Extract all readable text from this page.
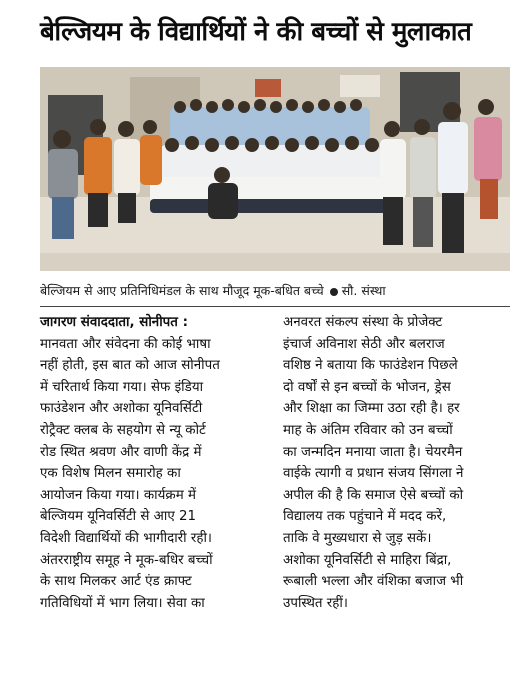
बेल्जियम के विद्यार्थियों ने की बच्चों से मुलाकात
बेल्जियम से आए प्रतिनिधिमंडल के साथ मौजूद मूक-बधित बच्चे सौ. संस्था
जागरण संवाददाता, सोनीपत :
मानवता और संवेदना की कोई भाषा
नहीं होती, इस बात को आज सोनीपत
में चरितार्थ किया गया। सेफ इंडिया
फाउंडेशन और अशोका यूनिवर्सिटी
रोट्रैक्ट क्लब के सहयोग से न्यू कोर्ट
रोड स्थित श्रवण और वाणी केंद्र में
एक विशेष मिलन समारोह का
आयोजन किया गया। कार्यक्रम में
बेल्जियम यूनिवर्सिटी से आए 21
विदेशी विद्यार्थियों की भागीदारी रही।
अंतरराष्ट्रीय समूह ने मूक-बधिर बच्चों
के साथ मिलकर आर्ट एंड क्राफ्ट
गतिविधियों में भाग लिया। सेवा का
अनवरत संकल्प संस्था के प्रोजेक्ट
इंचार्ज अविनाश सेठी और बलराज
वशिष्ठ ने बताया कि फाउंडेशन पिछले
दो वर्षों से इन बच्चों के भोजन, ड्रेस
और शिक्षा का जिम्मा उठा रही है। हर
माह के अंतिम रविवार को उन बच्चों
का जन्मदिन मनाया जाता है। चेयरमैन
वाईके त्यागी व प्रधान संजय सिंगला ने
अपील की है कि समाज ऐसे बच्चों को
विद्यालय तक पहुंचाने में मदद करें,
ताकि वे मुख्यधारा से जुड़ सकें।
अशोका यूनिवर्सिटी से माहिरा बिंद्रा,
रूबाली भल्ला और वंशिका बजाज भी
उपस्थित रहीं।
